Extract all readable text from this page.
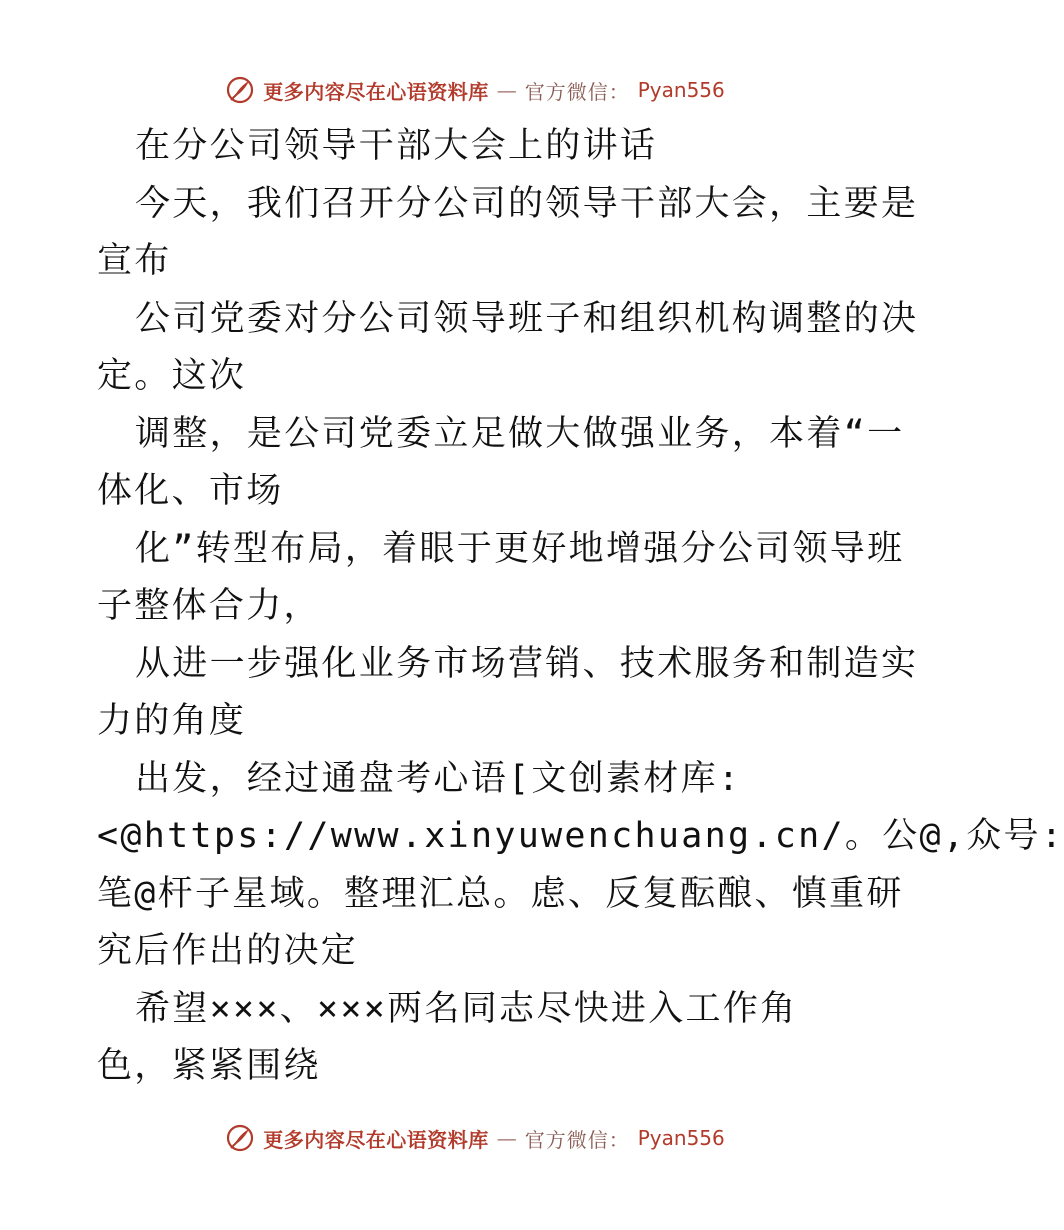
更多内容尽在心语资料库 — 官方微信： Pyan556
在分公司领导干部大会上的讲话
今天，我们召开分公司的领导干部大会，主要是
宣布
公司党委对分公司领导班子和组织机构调整的决
定。这次
调整，是公司党委立足做大做强业务，本着“一
体化、市场
化”转型布局，着眼于更好地增强分公司领导班
子整体合力，
从进一步强化业务市场营销、技术服务和制造实
力的角度
出发，经过通盘考心语[文创素材库:
<@https://www.xinyuwenchuang.cn/。公@,众号:
笔@杆子星域。整理汇总。虑、反复酝酿、慎重研
究后作出的决定
希望×××、×××两名同志尽快进入工作角
色，紧紧围绕
更多内容尽在心语资料库 — 官方微信： Pyan556
